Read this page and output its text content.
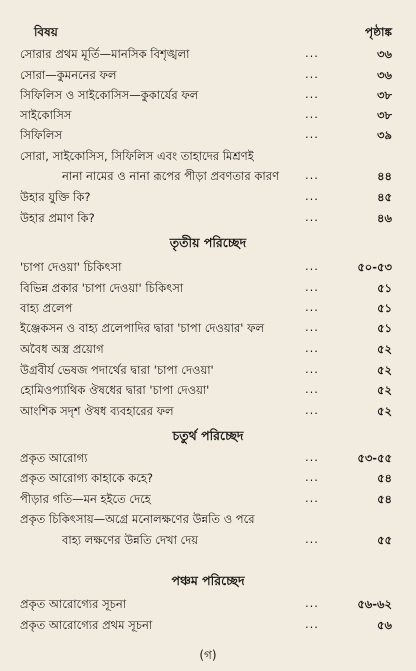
বিষয়	পৃষ্ঠাঙ্ক
সোরার প্রথম মূর্তি—মানসিক বিশৃঙ্খলা	...	৩৬
সোরা—কুমননের ফল	...	৩৬
সিফিলিস ও সাইকোসিস—কুকার্যের ফল	...	৩৮
সাইকোসিস	...	৩৮
সিফিলিস	...	৩৯
সোরা, সাইকোসিস, সিফিলিস এবং তাহাদের মিশ্রণই
নানা নামের ও নানা রূপের পীড়া প্রবণতার কারণ ...	৪৪
উহার যুক্তি কি?	...	৪৫
উহার প্রমাণ কি?	...	৪৬
'চাপা দেওয়া' চিকিৎসা	...	৫০-৫৩
বিভিন্ন প্রকার 'চাপা দেওয়া' চিকিৎসা	...	৫১
বাহ্য প্রলেপ	...	৫১
ইঞ্জেকসন ও বাহ্য প্রলেপাদির দ্বারা 'চাপা দেওয়ার' ফল	...	৫১
অবৈধ অস্ত্র প্রয়োগ	...	৫২
উগ্রবীর্য ভেষজ পদার্থের দ্বারা 'চাপা দেওয়া'	...	৫২
হোমিওপ্যাথিক ঔষধের দ্বারা 'চাপা দেওয়া'	...	৫২
আংশিক সদৃশ ঔষধ ব্যবহারের ফল	...	৫২
প্রকৃত আরোগ্য	...	৫৩-৫৫
প্রকৃত আরোগ্য কাহাকে কহে?	...	৫৪
পীড়ার গতি—মন হইতে দেহে	...	৫৪
প্রকৃত চিকিৎসায়—অগ্রে মনোলক্ষণের উন্নতি ও পরে
বাহ্য লক্ষণের উন্নতি দেখা দেয়	...	৫৫
প্রকৃত আরোগ্যের সূচনা	...	৫৬-৬২
প্রকৃত আরোগ্যের প্রথম সূচনা	...	৫৬
তৃতীয় পরিচ্ছেদ
চতুর্থ পরিচ্ছেদ
পঞ্চম পরিচ্ছেদ
(গ)
